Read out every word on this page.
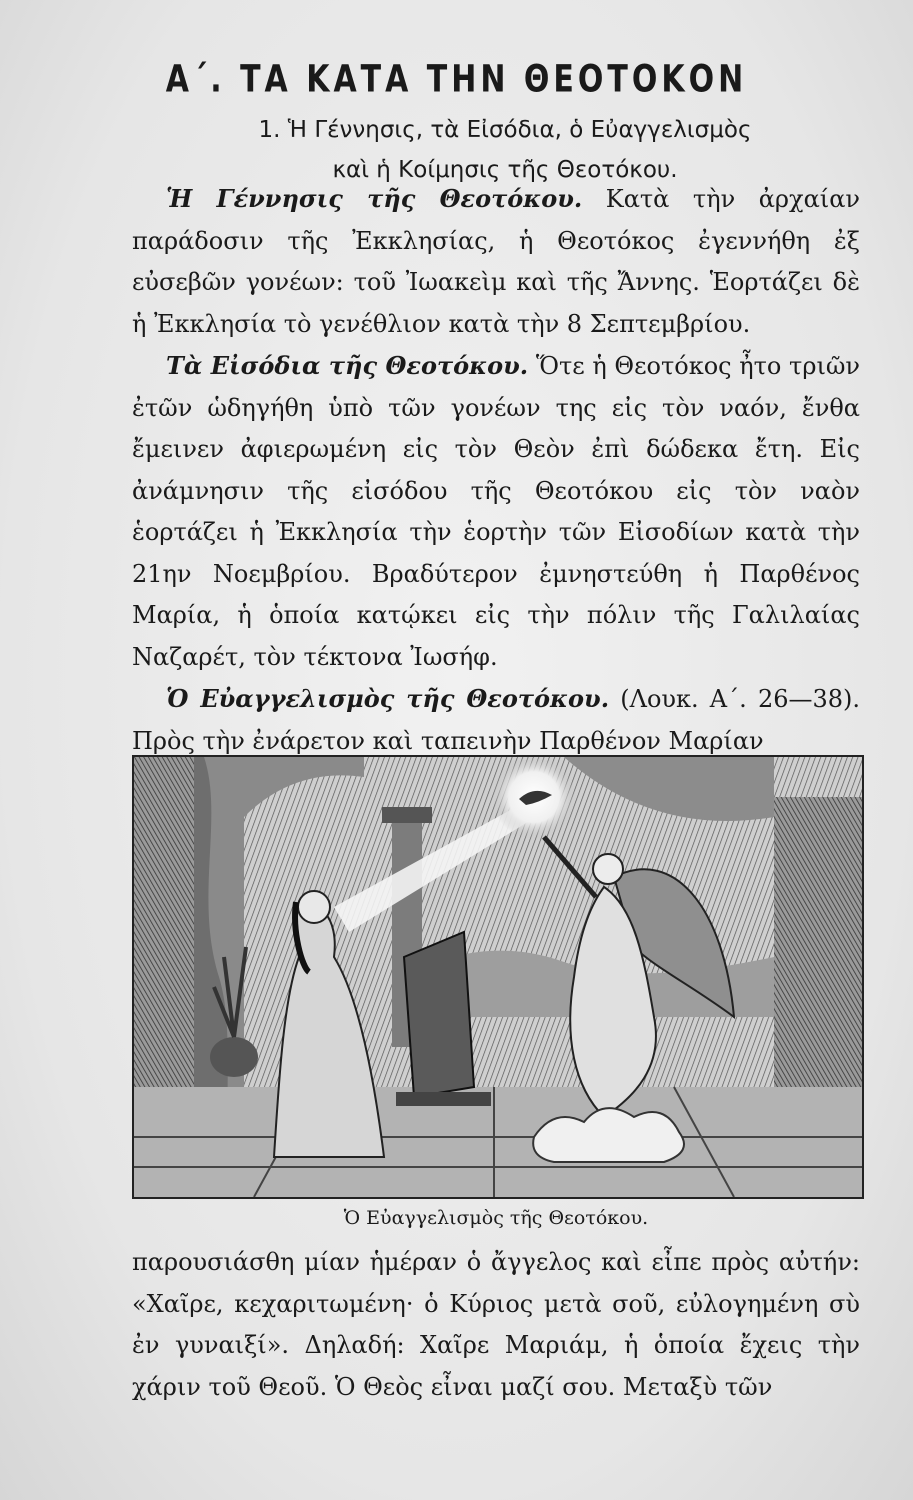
Α΄. ΤΑ ΚΑΤΑ ΤΗΝ ΘΕΟΤΟΚΟΝ
1. Ἡ Γέννησις, τὰ Εἰσόδια, ὁ Εὐαγγελισμὸς
καὶ ἡ Κοίμησις τῆς Θεοτόκου.

Ἡ Γέννησις τῆς Θεοτόκου. Κατὰ τὴν ἀρχαίαν παράδοσιν τῆς Ἐκκλησίας, ἡ Θεοτόκος ἐγεννήθη ἐξ εὐσεβῶν γονέων: τοῦ Ἰωακεὶμ καὶ τῆς Ἄννης. Ἑορτάζει δὲ ἡ Ἐκκλησία τὸ γενέθλιον κατὰ τὴν 8 Σεπτεμβρίου.

Τὰ Εἰσόδια τῆς Θεοτόκου. Ὅτε ἡ Θεοτόκος ἦτο τριῶν ἐτῶν ὡδηγήθη ὑπὸ τῶν γονέων της εἰς τὸν ναόν, ἔνθα ἔμεινεν ἀφιερωμένη εἰς τὸν Θεὸν ἐπὶ δώδεκα ἔτη. Εἰς ἀνάμνησιν τῆς εἰσόδου τῆς Θεοτόκου εἰς τὸν ναὸν ἑορτάζει ἡ Ἐκκλησία τὴν ἑορτὴν τῶν Εἰσοδίων κατὰ τὴν 21ην Νοεμβρίου. Βραδύτερον ἐμνηστεύθη ἡ Παρθένος Μαρία, ἡ ὁποία κατῴκει εἰς τὴν πόλιν τῆς Γαλιλαίας Ναζαρέτ, τὸν τέκτονα Ἰωσήφ.

Ὁ Εὐαγγελισμὸς τῆς Θεοτόκου. (Λουκ. Α΄. 26—38). Πρὸς τὴν ἐνάρετον καὶ ταπεινὴν Παρθένον Μαρίαν

Ὁ Εὐαγγελισμὸς τῆς Θεοτόκου.

παρουσιάσθη μίαν ἡμέραν ὁ ἄγγελος καὶ εἶπε πρὸς αὐτήν: «Χαῖρε, κεχαριτωμένη· ὁ Κύριος μετὰ σοῦ, εὐλογημένη σὺ ἐν γυναιξί». Δηλαδή: Χαῖρε Μαριάμ, ἡ ὁποία ἔχεις τὴν χάριν τοῦ Θεοῦ. Ὁ Θεὸς εἶναι μαζί σου. Μεταξὺ τῶν
